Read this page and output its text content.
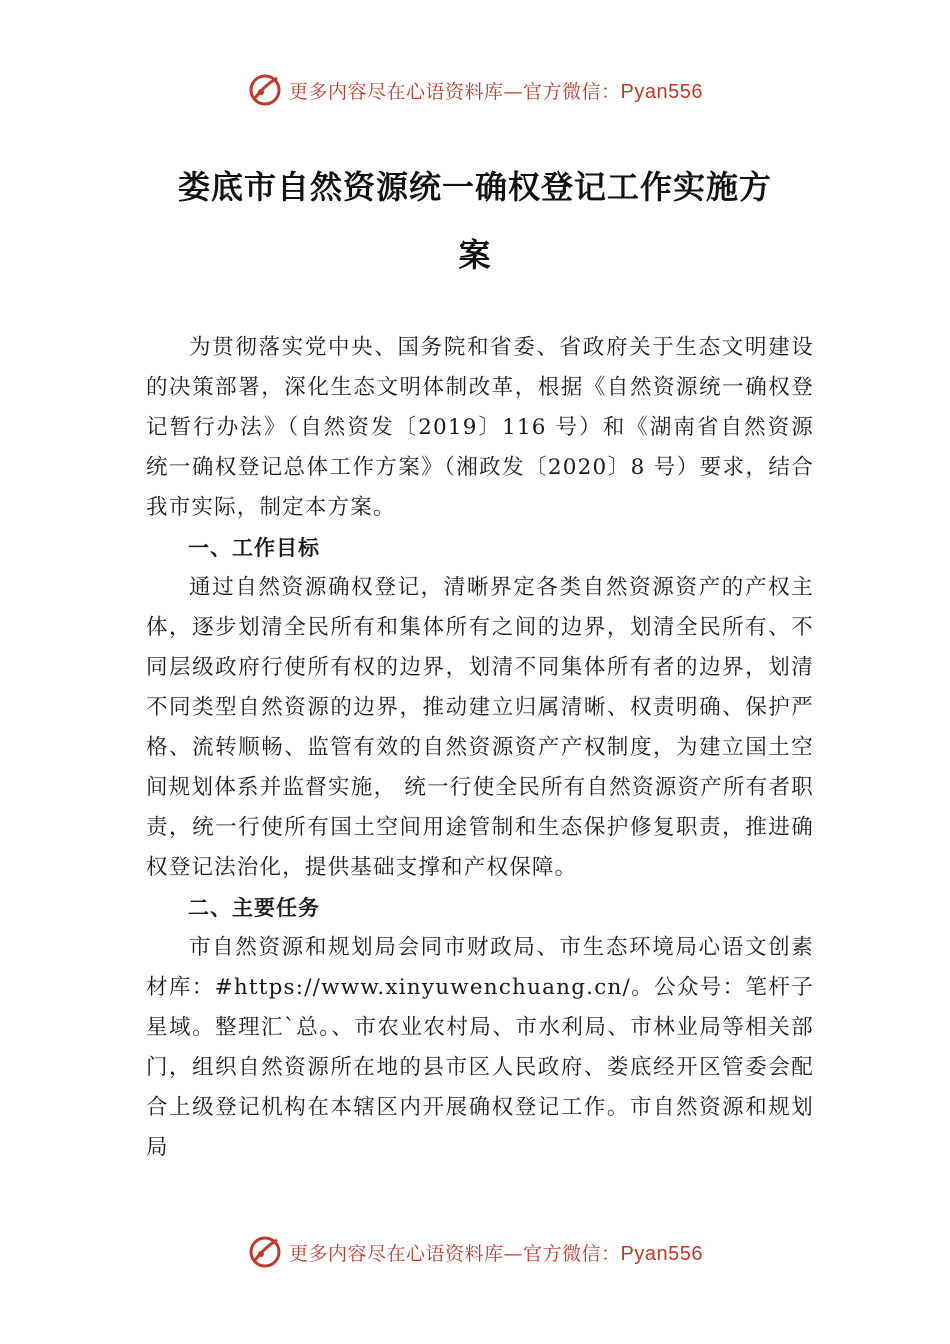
更多内容尽在心语资料库—官方微信：Pyan556
娄底市自然资源统一确权登记工作实施方
案

为贯彻落实党中央、国务院和省委、省政府关于生态文明建设的决策部署，深化生态文明体制改革，根据《自然资源统一确权登记暂行办法》（自然资发〔2019〕116 号）和《湖南省自然资源统一确权登记总体工作方案》（湘政发〔2020〕8 号）要求，结合我市实际，制定本方案。

一、工作目标

通过自然资源确权登记，清晰界定各类自然资源资产的产权主体，逐步划清全民所有和集体所有之间的边界，划清全民所有、不同层级政府行使所有权的边界，划清不同集体所有者的边界，划清不同类型自然资源的边界，推动建立归属清晰、权责明确、保护严格、流转顺畅、监管有效的自然资源资产产权制度，为建立国土空间规划体系并监督实施， 统一行使全民所有自然资源资产所有者职责，统一行使所有国土空间用途管制和生态保护修复职责，推进确权登记法治化，提供基础支撑和产权保障。

二、主要任务

市自然资源和规划局会同市财政局、市生态环境局心语文创素材库：#https://www.xinyuwenchuang.cn/。公众号：笔杆子星域。整理汇`总。、市农业农村局、市水利局、市林业局等相关部门，组织自然资源所在地的县市区人民政府、娄底经开区管委会配合上级登记机构在本辖区内开展确权登记工作。市自然资源和规划局

更多内容尽在心语资料库—官方微信：Pyan556
